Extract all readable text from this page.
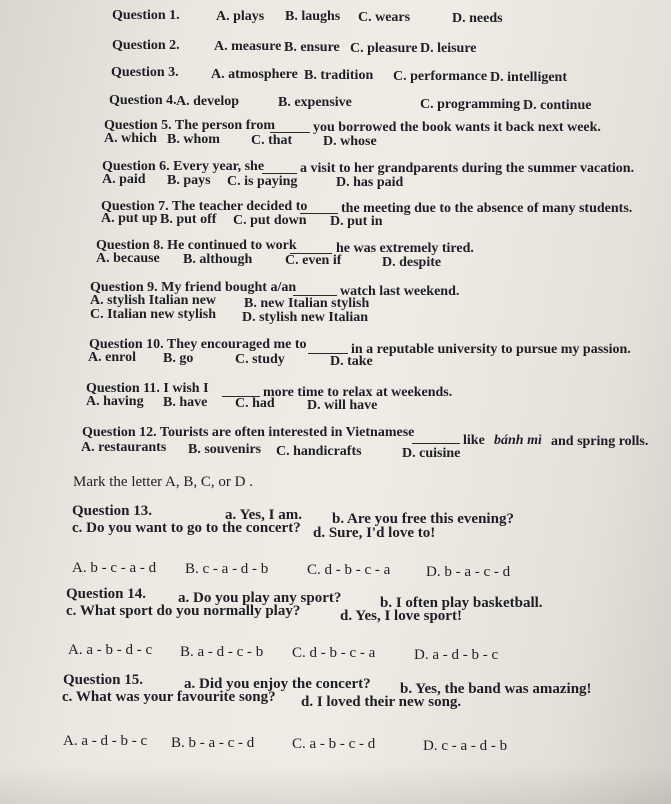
Question 1.	A. plays B. laughs C. wears	D. needs
Question 2. A. measure B. ensure C. pleasure D. leisure
Question 3. A. atmosphere B. tradition C. performance D. intelligent
Question 4. A. develop	B. expensive	C. programming D. continue
Question 5. The person from	you borrowed the book wants it back next week.
A. which B. whom C. that D. whose
Question 6. Every year, she	a visit to her grandparents during the summer vacation.
A. paid B. pays C. is paying	D. has paid
Question 7. The teacher decided to the meeting due to the absence of many students.
A. put up B. put off C. put down D. put in
Question 8. He continued to work	he was extremely tired.
A. because B. although C. even if	D. despite
Question 9. My friend bought a/an	watch last weekend.
A. stylish Italian new B. new Italian stylish
C. Italian new stylish D. stylish new Italian
Question 10. They encouraged me to	in a reputable university to pursue my passion.
A. enrol B. go	C. study	D. take
Question 11. I wish I	more time to relax at weekends.
A. having B. have C. had D. will have
Question 12. Tourists are often interested in Vietnamese
like bánh mì and spring rolls.
A. restaurants B. souvenirs C. handicrafts	D. cuisine
Mark the letter A, B, C, or D .
Question 13.	a. Yes, I am. b. Are you free this evening?
c. Do you want to go to the concert? d. Sure, I'd love to!
A. b - c - a - d B. c - a - d - b	C. d - b - c - a D. b - a - c - d
Question 14. a. Do you play any sport?	b. I often play basketball.
c. What sport do you normally play?	d. Yes, I love sport!
A. a - b - d - c B. a - d - c - b C. d - b - c - a	D. a - d - b - c
Question 15.	a. Did you enjoy the concert? b. Yes, the band was amazing!
c. What was your favourite song? d. I loved their new song.
A. a - d - b - c B. b - a - c - d	C. a - b - c - d	D. c - a - d - b
